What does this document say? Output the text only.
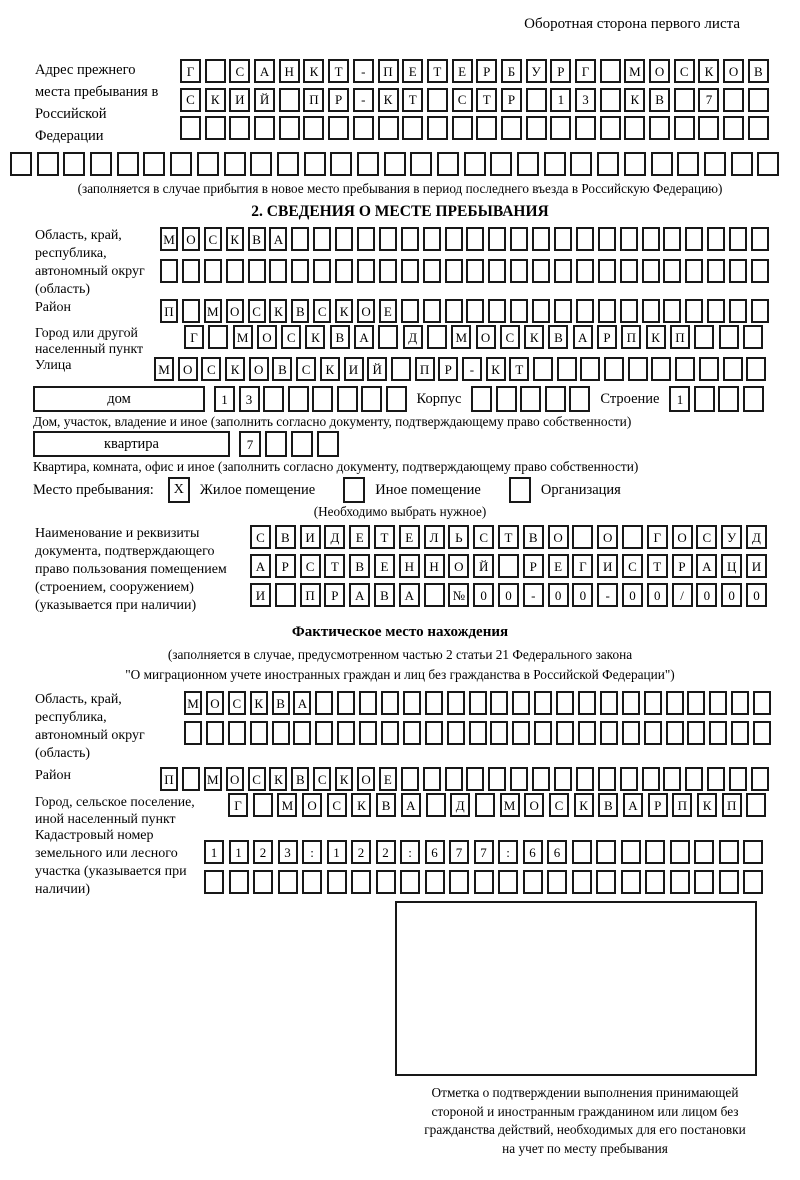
Оборотная сторона первого листа
Адрес прежнего места пребывания в Российской Федерации
Г	С	А	Н	К	Т	-	П	Е	Т	Е	Р	Б	У	Р	Г	М	О	С	К	О	В
С	К	И	Й	П	Р	-	К	Т	С	Т	Р	1	3	К	В	7
(заполняется в случае прибытия в новое место пребывания в период последнего въезда в Российскую Федерацию)
2. СВЕДЕНИЯ О МЕСТЕ ПРЕБЫВАНИЯ
Область, край, республика, автономный округ (область)
М О С	К	В А
Район	П	М О С	К	В	С	К О	Е
Город или другой населенный пункт
Г	М	О	С	К	В	А	Д	М	О	С	К	В	А	Р	П	К	П
Улица	М	О	С	К	О	В	С	К	И	Й	П	Р	-	К	Т
дом	1	3	Корпус	Строение	1
Дом, участок, владение и иное (заполнить согласно документу, подтверждающему право собственности)
квартира	7
Квартира, комната, офис и иное (заполнить согласно документу, подтверждающему право собственности)
Место пребывания:	X	Жилое помещение	Иное помещение	Организация
(Необходимо выбрать нужное)
Наименование и реквизиты документа, подтверждающего право пользования помещением (строением, сооружением) (указывается при наличии)
С	В	И	Д	Е	Т	Е	Л	Ь	С	Т	В	О	О	Г	О	С	У	Д
А	Р	С	Т	В	Е	Н	Н	О	Й	Р	Е	Г	И	С	Т	Р	А	Ц	И
И	П	Р	А	В	А	№	0	0	-	0	0	-	0	0	/	0	0	0
Фактическое место нахождения
(заполняется в случае, предусмотренном частью 2 статьи 21 Федерального закона
"О миграционном учете иностранных граждан и лиц без гражданства в Российской Федерации")
Область, край, республика, автономный округ (область)
М О С	К	В А
Район	П	М О С	К	В	С	К О	Е
Город, сельское поселение, иной населенный пункт
Г	М	О	С	К	В	А	Д	М	О	С	К	В	А	Р	П	К	П
Кадастровый номер земельного или лесного участка (указывается при наличии)
1	1	2	3	:	1	2	2	:	6	7	7	:	6	6
Отметка о подтверждении выполнения принимающей
стороной и иностранным гражданином или лицом без
гражданства действий, необходимых для его постановки
на учет по месту пребывания
